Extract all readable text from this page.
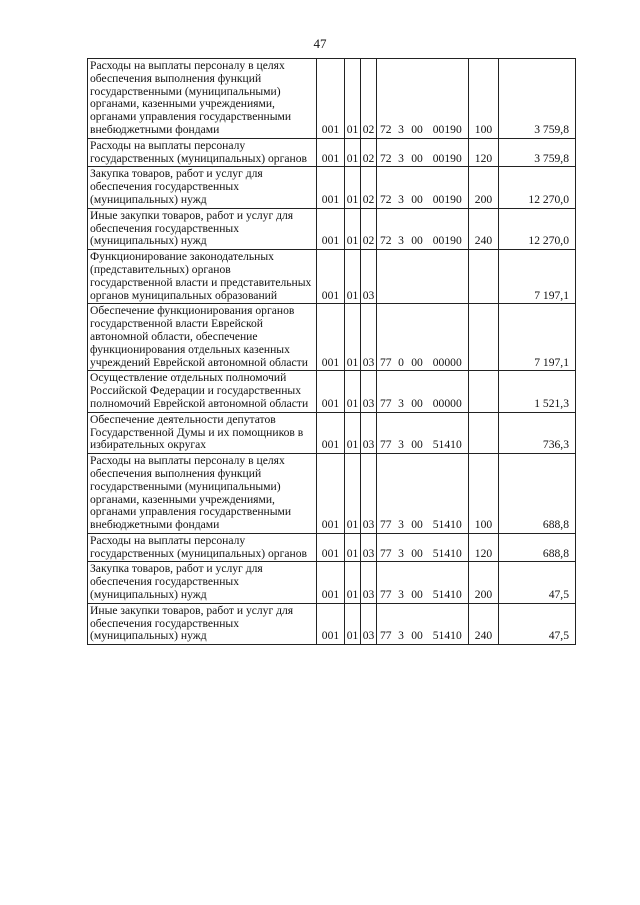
47
Расходы на выплаты персоналу в целях обеспечения выполнения функций государственными (муниципальными) органами, казенными учреждениями, органами управления государственными внебюджетными фондами	001	01	02	72	3	00	00190	100	3 759,8
Расходы на выплаты персоналу государственных (муниципальных) органов	001	01	02	72	3	00	00190	120	3 759,8
Закупка товаров, работ и услуг для обеспечения государственных (муниципальных) нужд	001	01	02	72	3	00	00190	200	12 270,0
Иные закупки товаров, работ и услуг для обеспечения государственных (муниципальных) нужд	001	01	02	72	3	00	00190	240	12 270,0
Функционирование законодательных (представительных) органов государственной власти и представительных органов муниципальных образований	001	01	03						7 197,1
Обеспечение функционирования органов государственной власти Еврейской автономной области, обеспечение функционирования отдельных казенных учреждений Еврейской автономной области	001	01	03	77	0	00	00000		7 197,1
Осуществление отдельных полномочий Российской Федерации и государственных полномочий Еврейской автономной области	001	01	03	77	3	00	00000		1 521,3
Обеспечение деятельности депутатов Государственной Думы и их помощников в избирательных округах	001	01	03	77	3	00	51410		736,3
Расходы на выплаты персоналу в целях обеспечения выполнения функций государственными (муниципальными) органами, казенными учреждениями, органами управления государственными внебюджетными фондами	001	01	03	77	3	00	51410	100	688,8
Расходы на выплаты персоналу государственных (муниципальных) органов	001	01	03	77	3	00	51410	120	688,8
Закупка товаров, работ и услуг для обеспечения государственных (муниципальных) нужд	001	01	03	77	3	00	51410	200	47,5
Иные закупки товаров, работ и услуг для обеспечения государственных (муниципальных) нужд	001	01	03	77	3	00	51410	240	47,5
